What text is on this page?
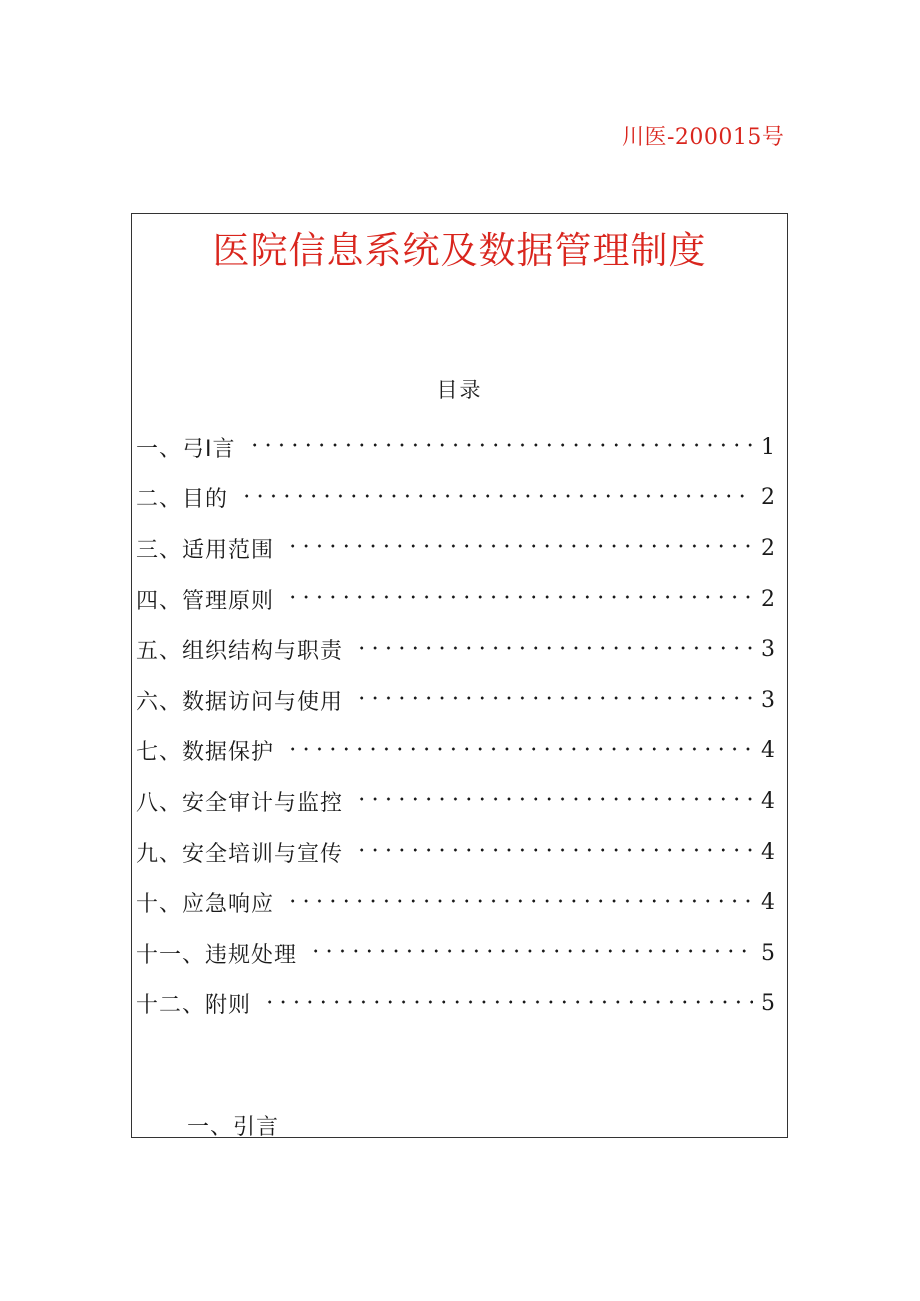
川医-200015号
医院信息系统及数据管理制度
目录
一、弓I言	1
二、目的	2
三、适用范围	2
四、管理原则	2
五、组织结构与职责	3
六、数据访问与使用	3
七、数据保护	4
八、安全审计与监控	4
九、安全培训与宣传	4
十、应急响应	4
十一、违规处理	5
十二、附则	5
一、引言
